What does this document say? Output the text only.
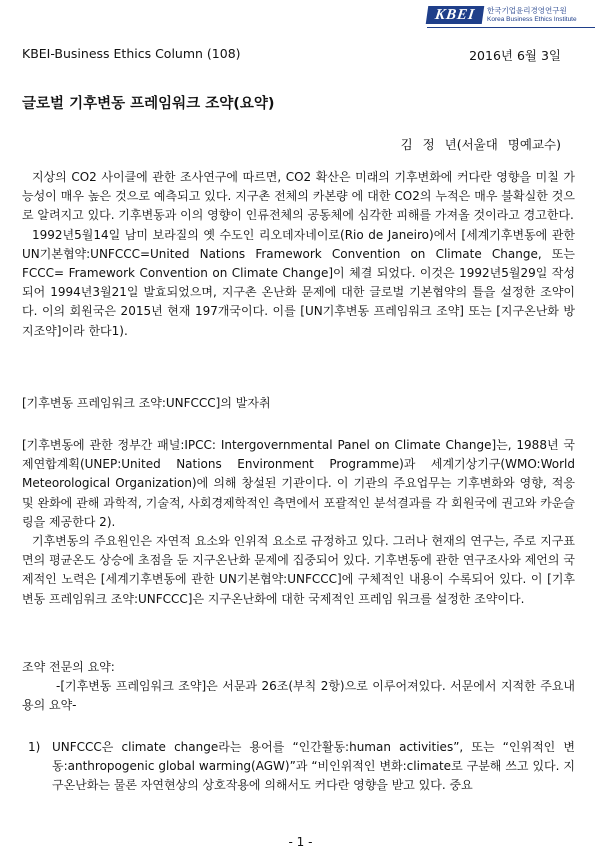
KBEI	한국기업윤리경영연구원
Korea Business Ethics Institute
KBEI-Business Ethics Column (108)	2016년 6월 3일
글로벌 기후변동 프레임워크 조약(요약)
김 정 년(서울대 명예교수)

지상의 CO2 사이클에 관한 조사연구에 따르면, CO2 확산은 미래의 기후변화에 커다란 영향을 미칠 가능성이 매우 높은 것으로 예측되고 있다. 지구촌 전체의 카본량 에 대한 CO2의 누적은 매우 불확실한 것으로 알려지고 있다. 기후변동과 이의 영향이 인류전체의 공동체에 심각한 피해를 가져올 것이라고 경고한다.

1992년5월14일 남미 보라질의 옛 수도인 리오데자네이로(Rio de Janeiro)에서 [세계기후변동에 관한 UN기본협약:UNFCCC=United Nations Framework Convention on Climate Change, 또는 FCCC= Framework Convention on Climate Change]이 체결 되었다. 이것은 1992년5월29일 작성되어 1994년3월21일 발효되었으며, 지구촌 온난화 문제에 대한 글로벌 기본협약의 틀을 설정한 조약이다. 이의 회원국은 2015년 현재 197개국이다. 이를 [UN기후변동 프레임워크 조약] 또는 [지구온난화 방지조약]이라 한다1).

[기후변동 프레임워크 조약:UNFCCC]의 발자취

[기후변동에 관한 정부간 패널:IPCC: Intergovernmental Panel on Climate Change]는, 1988년 국제연합계획(UNEP:United Nations Environment Programme)과 세계기상기구(WMO:World Meteorological Organization)에 의해 창설된 기관이다. 이 기관의 주요업무는 기후변화와 영향, 적응 및 완화에 관해 과학적, 기술적, 사회경제학적인 측면에서 포괄적인 분석결과를 각 회원국에 권고와 카운슬링을 제공한다 2).

기후변동의 주요원인은 자연적 요소와 인위적 요소로 규정하고 있다. 그러나 현재의 연구는, 주로 지구표면의 평균온도 상승에 초점을 둔 지구온난화 문제에 집중되어 있다. 기후변동에 관한 연구조사와 제언의 국제적인 노력은 [세계기후변동에 관한 UN기본협약:UNFCCC]에 구체적인 내용이 수록되어 있다. 이 [기후변동 프레임워크 조약:UNFCCC]은 지구온난화에 대한 국제적인 프레임 워크를 설정한 조약이다.

조약 전문의 요약:

-[기후변동 프레임워크 조약]은 서문과 26조(부칙 2항)으로 이루어져있다. 서문에서 지적한 주요내용의 요약-

1) UNFCCC은 climate change라는 용어를 “인간활동:human activities”, 또는 “인위적인 변동:anthropogenic global warming(AGW)”과 “비인위적인 변화:climate로 구분해 쓰고 있다. 지구온난화는 물론 자연현상의 상호작용에 의해서도 커다란 영향을 받고 있다. 중요
- 1 -
